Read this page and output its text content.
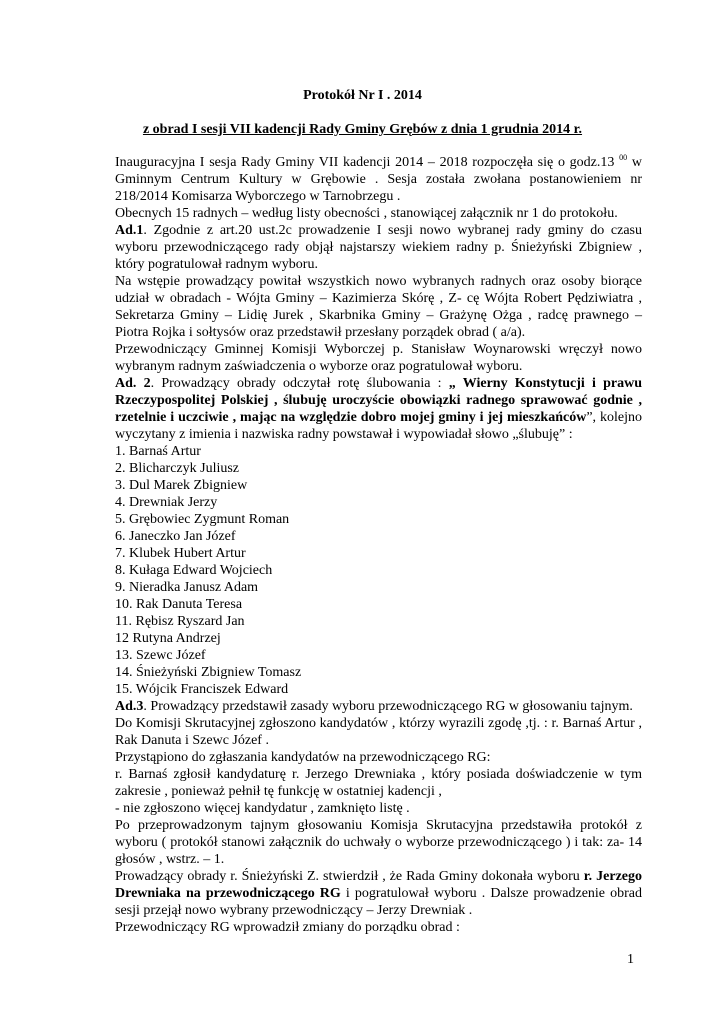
Protokół Nr I . 2014
z obrad I sesji VII kadencji Rady Gminy Grębów z dnia 1 grudnia 2014 r.

Inauguracyjna I sesja Rady Gminy VII kadencji 2014 – 2018 rozpoczęła się o godz.13 $^{00}$ w Gminnym Centrum Kultury w Grębowie . Sesja została zwołana postanowieniem nr 218/2014 Komisarza Wyborczego w Tarnobrzegu .

Obecnych 15 radnych – według listy obecności , stanowiącej załącznik nr 1 do protokołu.

Ad.1. Zgodnie z art.20 ust.2c prowadzenie I sesji nowo wybranej rady gminy do czasu wyboru przewodniczącego rady objął najstarszy wiekiem radny p. Śnieżyński Zbigniew , który pogratulował radnym wyboru.

Na wstępie prowadzący powitał wszystkich nowo wybranych radnych oraz osoby biorące udział w obradach - Wójta Gminy – Kazimierza Skórę , Z- cę Wójta Robert Pędziwiatra , Sekretarza Gminy – Lidię Jurek , Skarbnika Gminy – Grażynę Ożga , radcę prawnego – Piotra Rojka i sołtysów oraz przedstawił przesłany porządek obrad ( a/a).

Przewodniczący Gminnej Komisji Wyborczej p. Stanisław Woynarowski wręczył nowo wybranym radnym zaświadczenia o wyborze oraz pogratulował wyboru.

Ad. 2. Prowadzący obrady odczytał rotę ślubowania : „ Wierny Konstytucji i prawu Rzeczypospolitej Polskiej , ślubuję uroczyście obowiązki radnego sprawować godnie , rzetelnie i uczciwie , mając na względzie dobro mojej gminy i jej mieszkańców”, kolejno wyczytany z imienia i nazwiska radny powstawał i wypowiadał słowo „ślubuję” :

1. Barnaś Artur
2. Blicharczyk Juliusz
3. Dul Marek Zbigniew
4. Drewniak Jerzy
5. Grębowiec Zygmunt Roman
6. Janeczko Jan Józef
7. Klubek Hubert Artur
8. Kułaga Edward Wojciech
9. Nieradka Janusz Adam
10. Rak Danuta Teresa
11. Rębisz Ryszard Jan
12 Rutyna Andrzej
13. Szewc Józef
14. Śnieżyński Zbigniew Tomasz
15. Wójcik Franciszek Edward

Ad.3. Prowadzący przedstawił zasady wyboru przewodniczącego RG w głosowaniu tajnym.

Do Komisji Skrutacyjnej zgłoszono kandydatów , którzy wyrazili zgodę ,tj. : r. Barnaś Artur , Rak Danuta i Szewc Józef .

Przystąpiono do zgłaszania kandydatów na przewodniczącego RG:

r. Barnaś zgłosił kandydaturę r. Jerzego Drewniaka , który posiada doświadczenie w tym zakresie , ponieważ pełnił tę funkcję w ostatniej kadencji ,

- nie zgłoszono więcej kandydatur , zamknięto listę .

Po przeprowadzonym tajnym głosowaniu Komisja Skrutacyjna przedstawiła protokół z wyboru ( protokół stanowi załącznik do uchwały o wyborze przewodniczącego ) i tak: za- 14 głosów , wstrz. – 1.

Prowadzący obrady r. Śnieżyński Z. stwierdził , że Rada Gminy dokonała wyboru r. Jerzego Drewniaka na przewodniczącego RG i pogratulował wyboru . Dalsze prowadzenie obrad sesji przejął nowo wybrany przewodniczący – Jerzy Drewniak .

Przewodniczący RG wprowadził zmiany do porządku obrad :

1
